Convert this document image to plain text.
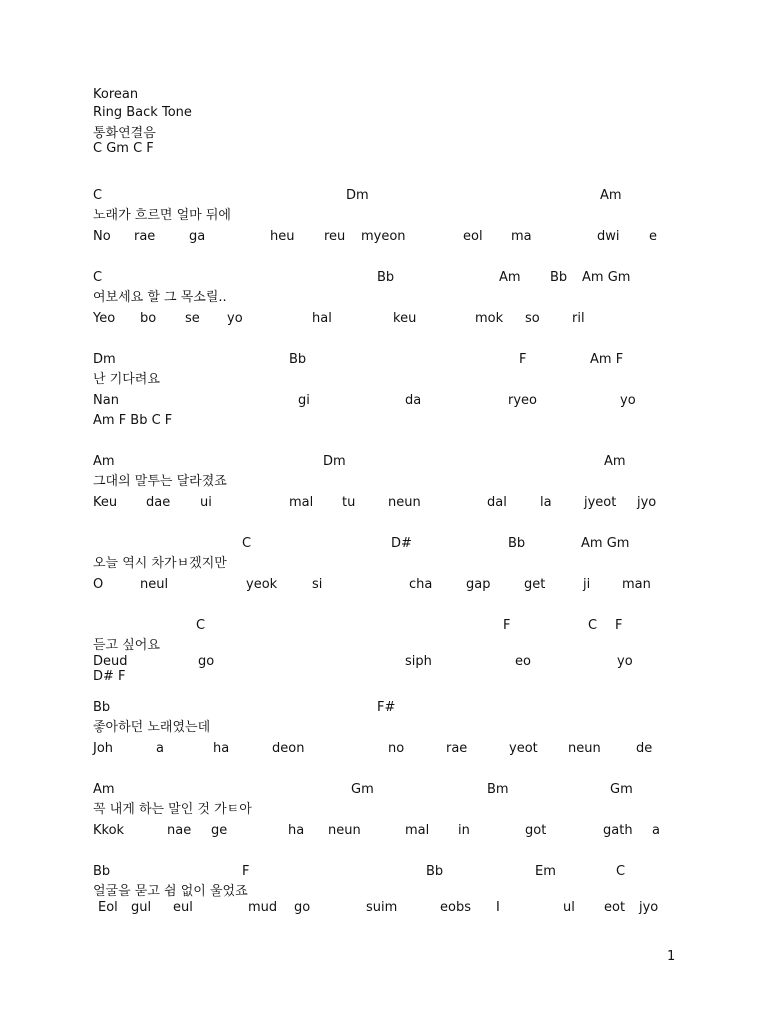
Korean
Ring Back Tone
통화연결음
C Gm C F
C	Dm	Am
노래가 흐르면 얼마 뒤에
No rae	ga	heu reu myeon	eol ma	dwi e
C	Bb	Am Bb Am Gm
여보세요 할 그 목소릴..
Yeo bo se yo	hal	keu	mok so ril
Dm	Bb	F	Am F
난 기다려요
Nan	gi	da	ryeo	yo
Am F Bb C F
Am	Dm	Am
그대의 말투는 달라졌죠
Keu dae ui	mal tu	neun	dal	la jyeot jyo
C	D#	Bb	Am Gm
오늘 역시 차가ㅂ겠지만
O	neul	yeok	si	cha	gap	get	ji man
C	F	C F
듣고 싶어요
Deud	go	siph	eo	yo
D# F
Bb	F#
좋아하던 노래였는데
Joh	a	ha	deon	no	rae	yeot neun	de
Am	Gm	Bm	Gm
꼭 내게 하는 말인 것 가ㅌ아
Kkok	nae ge	ha neun	mal in	got	gath a
Bb	F	Bb	Em	C
얼굴을 묻고 쉼 없이 울었죠
Eol gul eul	mud go	suim	eobs I	ul eot jyo
1
